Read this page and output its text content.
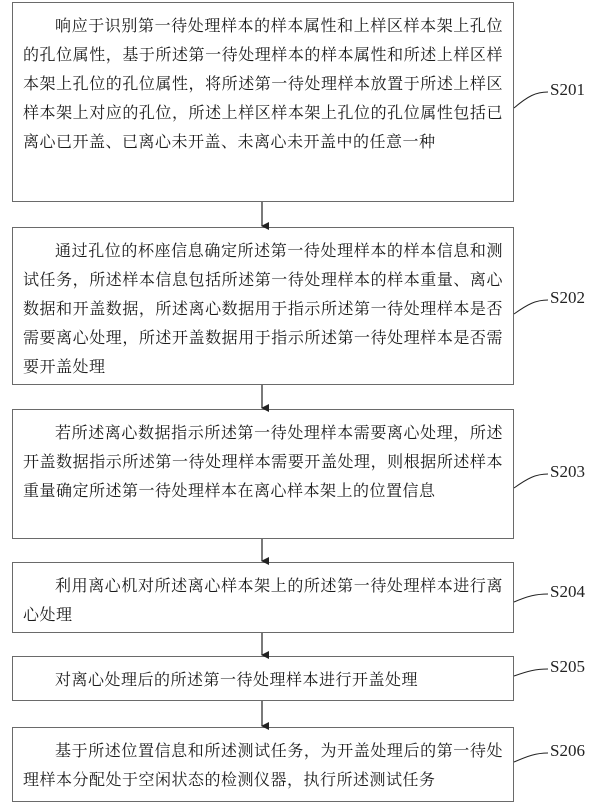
响应于识别第一待处理样本的样本属性和上样区样本架上孔位的孔位属性，基于所述第一待处理样本的样本属性和所述上样区样本架上孔位的孔位属性，将所述第一待处理样本放置于所述上样区样本架上对应的孔位，所述上样区样本架上孔位的孔位属性包括已离心已开盖、已离心未开盖、未离心未开盖中的任意一种
通过孔位的杯座信息确定所述第一待处理样本的样本信息和测试任务，所述样本信息包括所述第一待处理样本的样本重量、离心数据和开盖数据，所述离心数据用于指示所述第一待处理样本是否需要离心处理，所述开盖数据用于指示所述第一待处理样本是否需要开盖处理
若所述离心数据指示所述第一待处理样本需要离心处理，所述开盖数据指示所述第一待处理样本需要开盖处理，则根据所述样本重量确定所述第一待处理样本在离心样本架上的位置信息
利用离心机对所述离心样本架上的所述第一待处理样本进行离心处理
对离心处理后的所述第一待处理样本进行开盖处理
基于所述位置信息和所述测试任务，为开盖处理后的第一待处理样本分配处于空闲状态的检测仪器，执行所述测试任务
S201
S202
S203
S204
S205
S206
